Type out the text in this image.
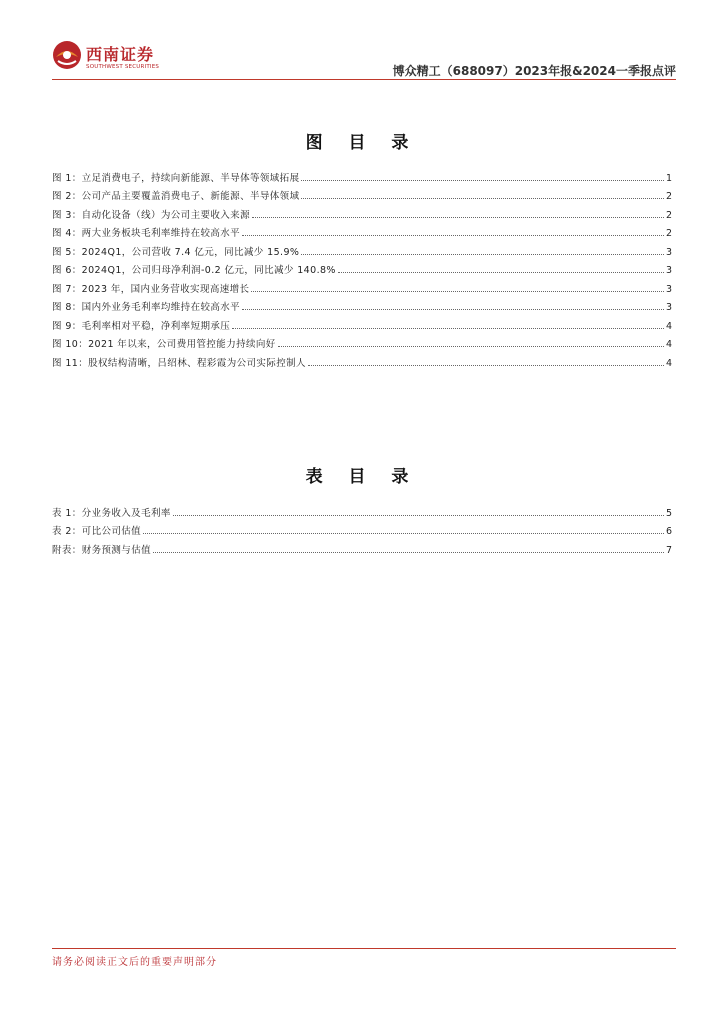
西南证券
SOUTHWEST SECURITIES	博众精工（688097）2023年报&2024一季报点评
图 目 录
图 1：立足消费电子，持续向新能源、半导体等领域拓展	1
图 2：公司产品主要覆盖消费电子、新能源、半导体领域	2
图 3：自动化设备（线）为公司主要收入来源	2
图 4：两大业务板块毛利率维持在较高水平	2
图 5：2024Q1，公司营收 7.4 亿元，同比减少 15.9%	3
图 6：2024Q1，公司归母净利润-0.2 亿元，同比减少 140.8%	3
图 7：2023 年，国内业务营收实现高速增长	3
图 8：国内外业务毛利率均维持在较高水平	3
图 9：毛利率相对平稳，净利率短期承压	4
图 10：2021 年以来，公司费用管控能力持续向好	4
图 11：股权结构清晰，吕绍林、程彩霞为公司实际控制人	4
表 目 录
表 1：分业务收入及毛利率	5
表 2：可比公司估值	6
附表：财务预测与估值	7
请务必阅读正文后的重要声明部分
